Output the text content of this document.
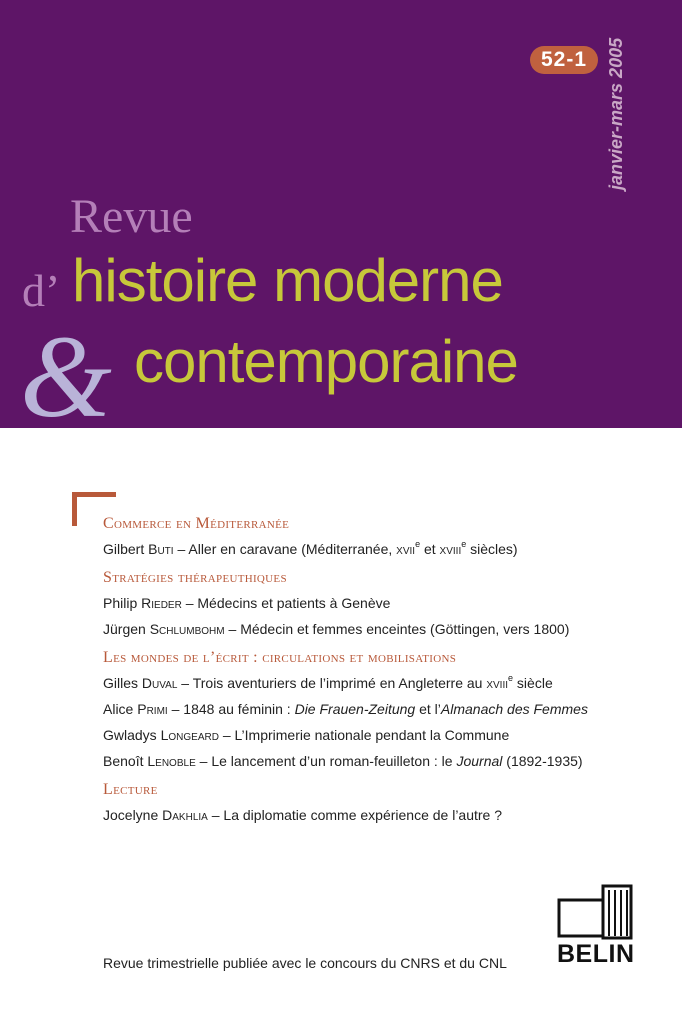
52-1	janvier-mars 2005
Revue
d’
&
histoire moderne
contemporaine
Commerce en Méditerranée
Gilbert Buti – Aller en caravane (Méditerranée, xvii$^e$ et xviii$^e$ siècles)
Stratégies thérapeuthiques
Philip Rieder – Médecins et patients à Genève
Jürgen Schlumbohm – Médecin et femmes enceintes (Göttingen, vers 1800)
Les mondes de l’écrit : circulations et mobilisations
Gilles Duval – Trois aventuriers de l’imprimé en Angleterre au xviii$^e$ siècle
Alice Primi – 1848 au féminin : Die Frauen-Zeitung et l’Almanach des Femmes
Gwladys Longeard – L’Imprimerie nationale pendant la Commune
Benoît Lenoble – Le lancement d’un roman-feuilleton : le Journal (1892-1935)
Lecture
Jocelyne Dakhlia – La diplomatie comme expérience de l’autre ?
BELIN
Revue trimestrielle publiée avec le concours du CNRS et du CNL
